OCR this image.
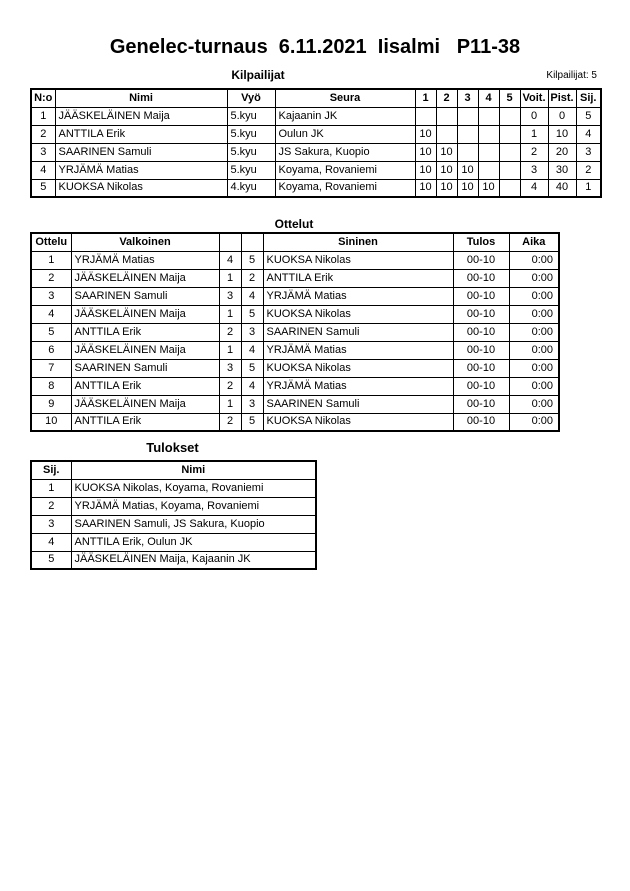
Genelec-turnaus  6.11.2021  Iisalmi   P11-38
Kilpailijat	Kilpailijat: 5
N:o	Nimi	Vyö	Seura	1	2	3	4	5	Voit.	Pist.	Sij.
1	JÄÄSKELÄINEN Maija	5.kyu	Kajaanin JK						0	0	5
2	ANTTILA Erik	5.kyu	Oulun JK	10					1	10	4
3	SAARINEN Samuli	5.kyu	JS Sakura, Kuopio	10	10				2	20	3
4	YRJÄMÄ Matias	5.kyu	Koyama, Rovaniemi	10	10	10			3	30	2
5	KUOKSA Nikolas	4.kyu	Koyama, Rovaniemi	10	10	10	10		4	40	1
Ottelut
Ottelu	Valkoinen			Sininen	Tulos	Aika
1	YRJÄMÄ Matias	4	5	KUOKSA Nikolas	00-10	0:00
2	JÄÄSKELÄINEN Maija	1	2	ANTTILA Erik	00-10	0:00
3	SAARINEN Samuli	3	4	YRJÄMÄ Matias	00-10	0:00
4	JÄÄSKELÄINEN Maija	1	5	KUOKSA Nikolas	00-10	0:00
5	ANTTILA Erik	2	3	SAARINEN Samuli	00-10	0:00
6	JÄÄSKELÄINEN Maija	1	4	YRJÄMÄ Matias	00-10	0:00
7	SAARINEN Samuli	3	5	KUOKSA Nikolas	00-10	0:00
8	ANTTILA Erik	2	4	YRJÄMÄ Matias	00-10	0:00
9	JÄÄSKELÄINEN Maija	1	3	SAARINEN Samuli	00-10	0:00
10	ANTTILA Erik	2	5	KUOKSA Nikolas	00-10	0:00
Tulokset
Sij.	Nimi
1	KUOKSA Nikolas, Koyama, Rovaniemi
2	YRJÄMÄ Matias, Koyama, Rovaniemi
3	SAARINEN Samuli, JS Sakura, Kuopio
4	ANTTILA Erik, Oulun JK
5	JÄÄSKELÄINEN Maija, Kajaanin JK
